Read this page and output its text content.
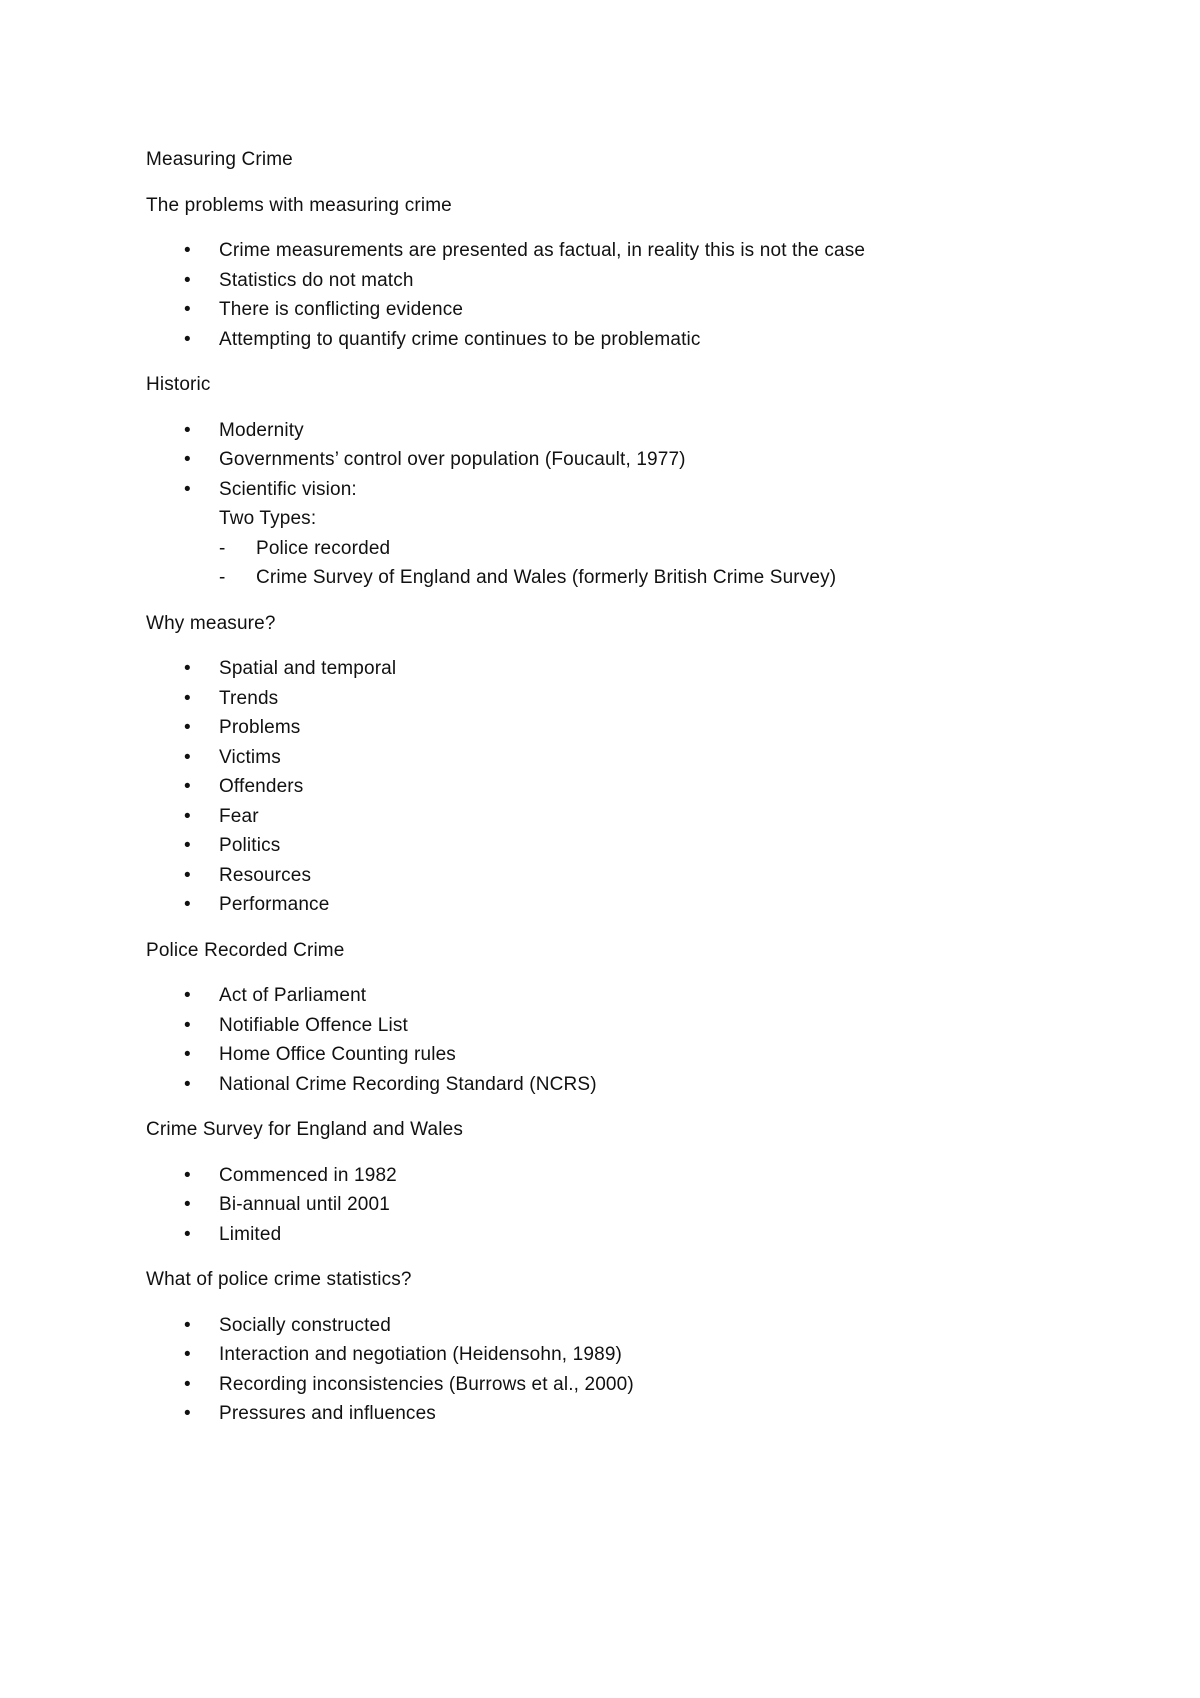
Measuring Crime
The problems with measuring crime
• Crime measurements are presented as factual, in reality this is not the case
• Statistics do not match
• There is conflicting evidence
• Attempting to quantify crime continues to be problematic
Historic
• Modernity
• Governments’ control over population (Foucault, 1977)
• Scientific vision:
Two Types:
- Police recorded
- Crime Survey of England and Wales (formerly British Crime Survey)
Why measure?
• Spatial and temporal
• Trends
• Problems
• Victims
• Offenders
• Fear
• Politics
• Resources
• Performance
Police Recorded Crime
• Act of Parliament
• Notifiable Offence List
• Home Office Counting rules
• National Crime Recording Standard (NCRS)
Crime Survey for England and Wales
• Commenced in 1982
• Bi-annual until 2001
• Limited
What of police crime statistics?
• Socially constructed
• Interaction and negotiation (Heidensohn, 1989)
• Recording inconsistencies (Burrows et al., 2000)
• Pressures and influences
